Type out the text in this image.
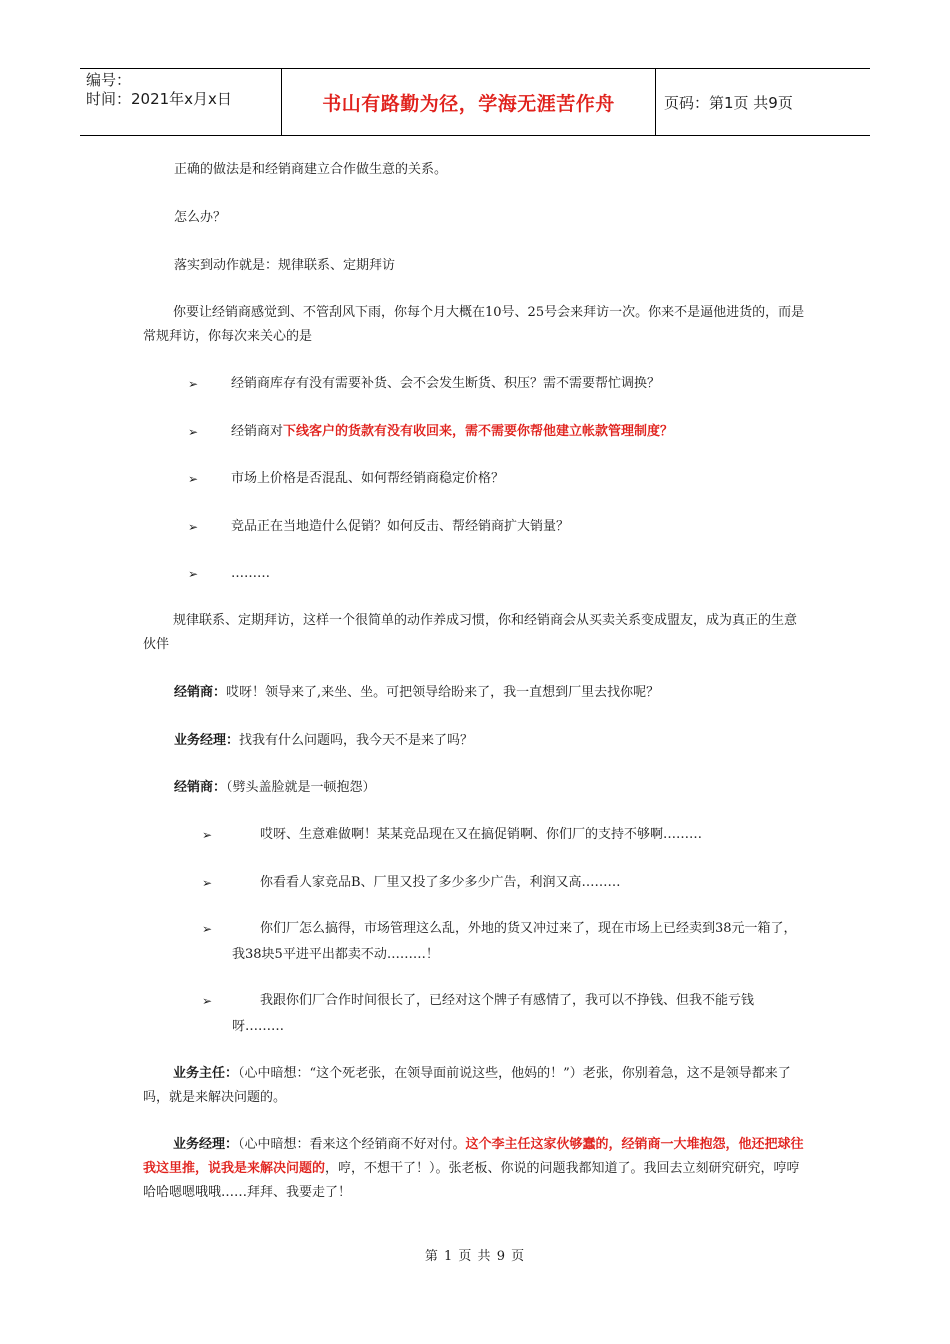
编号：
时间：2021年x月x日	书山有路勤为径，学海无涯苦作舟	页码：第1页 共9页

正确的做法是和经销商建立合作做生意的关系。

怎么办？

落实到动作就是：规律联系、定期拜访

你要让经销商感觉到、不管刮风下雨，你每个月大概在10号、25号会来拜访一次。你来不是逼他进货的，而是常规拜访，你每次来关心的是

➢	经销商库存有没有需要补货、会不会发生断货、积压？需不需要帮忙调换？
➢	经销商对下线客户的货款有没有收回来，需不需要你帮他建立帐款管理制度？
➢	市场上价格是否混乱、如何帮经销商稳定价格？
➢	竞品正在当地造什么促销？如何反击、帮经销商扩大销量？
➢	………

规律联系、定期拜访，这样一个很简单的动作养成习惯，你和经销商会从买卖关系变成盟友，成为真正的生意伙伴

经销商：哎呀！领导来了,来坐、坐。可把领导给盼来了，我一直想到厂里去找你呢？

业务经理：找我有什么问题吗，我今天不是来了吗？

经销商：（劈头盖脸就是一顿抱怨）

➢	哎呀、生意难做啊！某某竞品现在又在搞促销啊、你们厂的支持不够啊………
➢	你看看人家竞品B、厂里又投了多少多少广告，利润又高………
➢	你们厂怎么搞得，市场管理这么乱，外地的货又冲过来了，现在市场上已经卖到38元一箱了，我38块5平进平出都卖不动………！
➢	我跟你们厂合作时间很长了，已经对这个牌子有感情了，我可以不挣钱、但我不能亏钱呀………

业务主任：（心中暗想：“这个死老张，在领导面前说这些，他妈的！”）老张，你别着急，这不是领导都来了吗，就是来解决问题的。

业务经理：（心中暗想：看来这个经销商不好对付。这个李主任这家伙够蠢的，经销商一大堆抱怨，他还把球往我这里推，说我是来解决问题的，哼，不想干了！）。张老板、你说的问题我都知道了。我回去立刻研究研究，哼哼哈哈嗯嗯哦哦……拜拜、我要走了！

第 1 页 共 9 页
